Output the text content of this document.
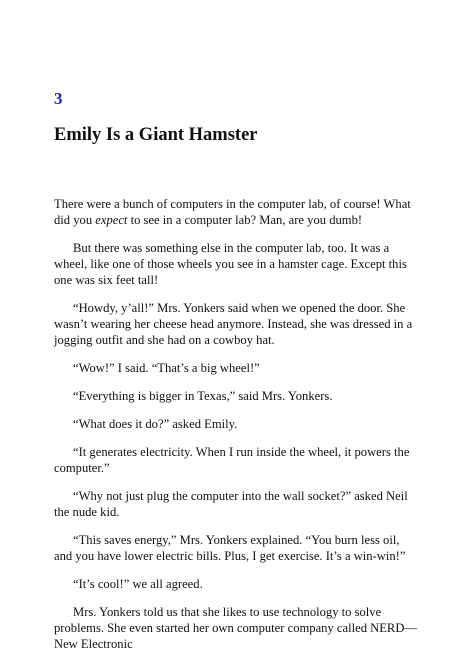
3
Emily Is a Giant Hamster

There were a bunch of computers in the computer lab, of course! What did you expect to see in a computer lab? Man, are you dumb!

But there was something else in the computer lab, too. It was a wheel, like one of those wheels you see in a hamster cage. Except this one was six feet tall!

“Howdy, y’all!” Mrs. Yonkers said when we opened the door. She wasn’t wearing her cheese head anymore. Instead, she was dressed in a jogging outfit and she had on a cowboy hat.

“Wow!” I said. “That’s a big wheel!”

“Everything is bigger in Texas,” said Mrs. Yonkers.

“What does it do?” asked Emily.

“It generates electricity. When I run inside the wheel, it powers the computer.”

“Why not just plug the computer into the wall socket?” asked Neil the nude kid.

“This saves energy,” Mrs. Yonkers explained. “You burn less oil, and you have lower electric bills. Plus, I get exercise. It’s a win-win!”

“It’s cool!” we all agreed.

Mrs. Yonkers told us that she likes to use technology to solve problems. She even started her own computer company called NERD—New Electronic
